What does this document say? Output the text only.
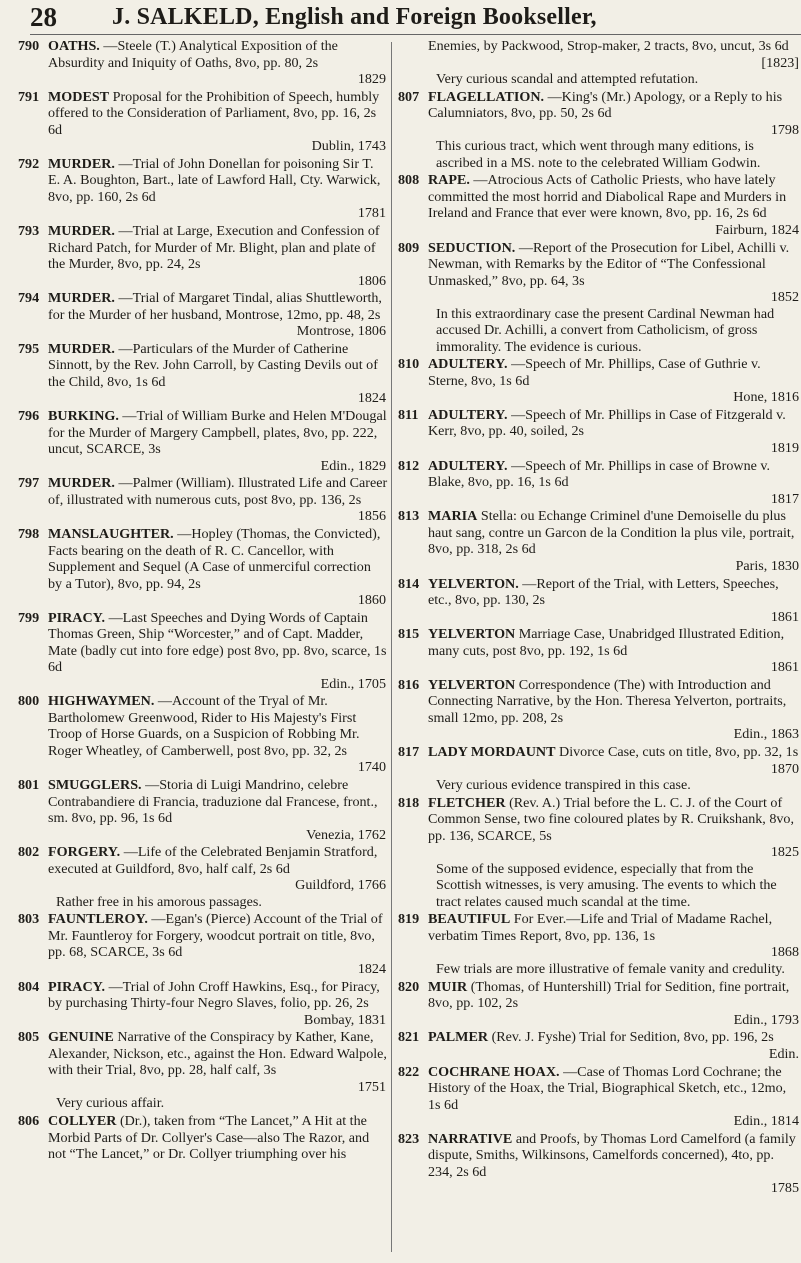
28 J. SALKELD, English and Foreign Bookseller,
790 OATHS. —Steele (T.) Analytical Exposition of the Absurdity and Iniquity of Oaths, 8vo, pp. 80, 2s
1829
791 MODEST Proposal for the Prohibition of Speech, humbly offered to the Consideration of Parliament, 8vo, pp. 16, 2s 6d
Dublin, 1743
792 MURDER. —Trial of John Donellan for poisoning Sir T. E. A. Boughton, Bart., late of Lawford Hall, Cty. Warwick, 8vo, pp. 160, 2s 6d
1781
793 MURDER. —Trial at Large, Execution and Confession of Richard Patch, for Murder of Mr. Blight, plan and plate of the Murder, 8vo, pp. 24, 2s
1806
794 MURDER. —Trial of Margaret Tindal, alias Shuttleworth, for the Murder of her husband, Montrose, 12mo, pp. 48, 2s
Montrose, 1806
795 MURDER. —Particulars of the Murder of Catherine Sinnott, by the Rev. John Carroll, by Casting Devils out of the Child, 8vo, 1s 6d
1824
796 BURKING. —Trial of William Burke and Helen M'Dougal for the Murder of Margery Campbell, plates, 8vo, pp. 222, uncut, SCARCE, 3s
Edin., 1829
797 MURDER. —Palmer (William). Illustrated Life and Career of, illustrated with numerous cuts, post 8vo, pp. 136, 2s
1856
798 MANSLAUGHTER. —Hopley (Thomas, the Convicted), Facts bearing on the death of R. C. Cancellor, with Supplement and Sequel (A Case of unmerciful correction by a Tutor), 8vo, pp. 94, 2s
1860
799 PIRACY. —Last Speeches and Dying Words of Captain Thomas Green, Ship “Worcester,” and of Capt. Madder, Mate (badly cut into fore edge) post 8vo, pp. 8vo, scarce, 1s 6d
Edin., 1705
800 HIGHWAYMEN. —Account of the Tryal of Mr. Bartholomew Greenwood, Rider to His Majesty's First Troop of Horse Guards, on a Suspicion of Robbing Mr. Roger Wheatley, of Camberwell, post 8vo, pp. 32, 2s
1740
801 SMUGGLERS. —Storia di Luigi Mandrino, celebre Contrabandiere di Francia, traduzione dal Francese, front., sm. 8vo, pp. 96, 1s 6d
Venezia, 1762
802 FORGERY. —Life of the Celebrated Benjamin Stratford, executed at Guildford, 8vo, half calf, 2s 6d
Guildford, 1766
Rather free in his amorous passages.
803 FAUNTLEROY. —Egan's (Pierce) Account of the Trial of Mr. Fauntleroy for Forgery, woodcut portrait on title, 8vo, pp. 68, SCARCE, 3s 6d
1824
804 PIRACY. —Trial of John Croff Hawkins, Esq., for Piracy, by purchasing Thirty-four Negro Slaves, folio, pp. 26, 2s
Bombay, 1831
805 GENUINE Narrative of the Conspiracy by Kather, Kane, Alexander, Nickson, etc., against the Hon. Edward Walpole, with their Trial, 8vo, pp. 28, half calf, 3s
1751
Very curious affair.
806 COLLYER (Dr.), taken from “The Lancet,” A Hit at the Morbid Parts of Dr. Collyer's Case—also The Razor, and not “The Lancet,” or Dr. Collyer triumphing over his
Enemies, by Packwood, Strop-maker, 2 tracts, 8vo, uncut, 3s 6d
[1823]
Very curious scandal and attempted refutation.
807 FLAGELLATION. —King's (Mr.) Apology, or a Reply to his Calumniators, 8vo, pp. 50, 2s 6d
1798
This curious tract, which went through many editions, is ascribed in a MS. note to the celebrated William Godwin.
808 RAPE. —Atrocious Acts of Catholic Priests, who have lately committed the most horrid and Diabolical Rape and Murders in Ireland and France that ever were known, 8vo, pp. 16, 2s 6d
Fairburn, 1824
809 SEDUCTION. —Report of the Prosecution for Libel, Achilli v. Newman, with Remarks by the Editor of “The Confessional Unmasked,” 8vo, pp. 64, 3s
1852
In this extraordinary case the present Cardinal Newman had accused Dr. Achilli, a convert from Catholicism, of gross immorality. The evidence is curious.
810 ADULTERY. —Speech of Mr. Phillips, Case of Guthrie v. Sterne, 8vo, 1s 6d
Hone, 1816
811 ADULTERY. —Speech of Mr. Phillips in Case of Fitzgerald v. Kerr, 8vo, pp. 40, soiled, 2s
1819
812 ADULTERY. —Speech of Mr. Phillips in case of Browne v. Blake, 8vo, pp. 16, 1s 6d
1817
813 MARIA Stella: ou Echange Criminel d'une Demoiselle du plus haut sang, contre un Garcon de la Condition la plus vile, portrait, 8vo, pp. 318, 2s 6d
Paris, 1830
814 YELVERTON. —Report of the Trial, with Letters, Speeches, etc., 8vo, pp. 130, 2s
1861
815 YELVERTON Marriage Case, Unabridged Illustrated Edition, many cuts, post 8vo, pp. 192, 1s 6d
1861
816 YELVERTON Correspondence (The) with Introduction and Connecting Narrative, by the Hon. Theresa Yelverton, portraits, small 12mo, pp. 208, 2s
Edin., 1863
817 LADY MORDAUNT Divorce Case, cuts on title, 8vo, pp. 32, 1s
1870
Very curious evidence transpired in this case.
818 FLETCHER (Rev. A.) Trial before the L. C. J. of the Court of Common Sense, two fine coloured plates by R. Cruikshank, 8vo, pp. 136, SCARCE, 5s
1825
Some of the supposed evidence, especially that from the Scottish witnesses, is very amusing. The events to which the tract relates caused much scandal at the time.
819 BEAUTIFUL For Ever.—Life and Trial of Madame Rachel, verbatim Times Report, 8vo, pp. 136, 1s
1868
Few trials are more illustrative of female vanity and credulity.
820 MUIR (Thomas, of Huntershill) Trial for Sedition, fine portrait, 8vo, pp. 102, 2s
Edin., 1793
821 PALMER (Rev. J. Fyshe) Trial for Sedition, 8vo, pp. 196, 2s
Edin.
822 COCHRANE HOAX. —Case of Thomas Lord Cochrane; the History of the Hoax, the Trial, Biographical Sketch, etc., 12mo, 1s 6d
Edin., 1814
823 NARRATIVE and Proofs, by Thomas Lord Camelford (a family dispute, Smiths, Wilkinsons, Camelfords concerned), 4to, pp. 234, 2s 6d
1785
